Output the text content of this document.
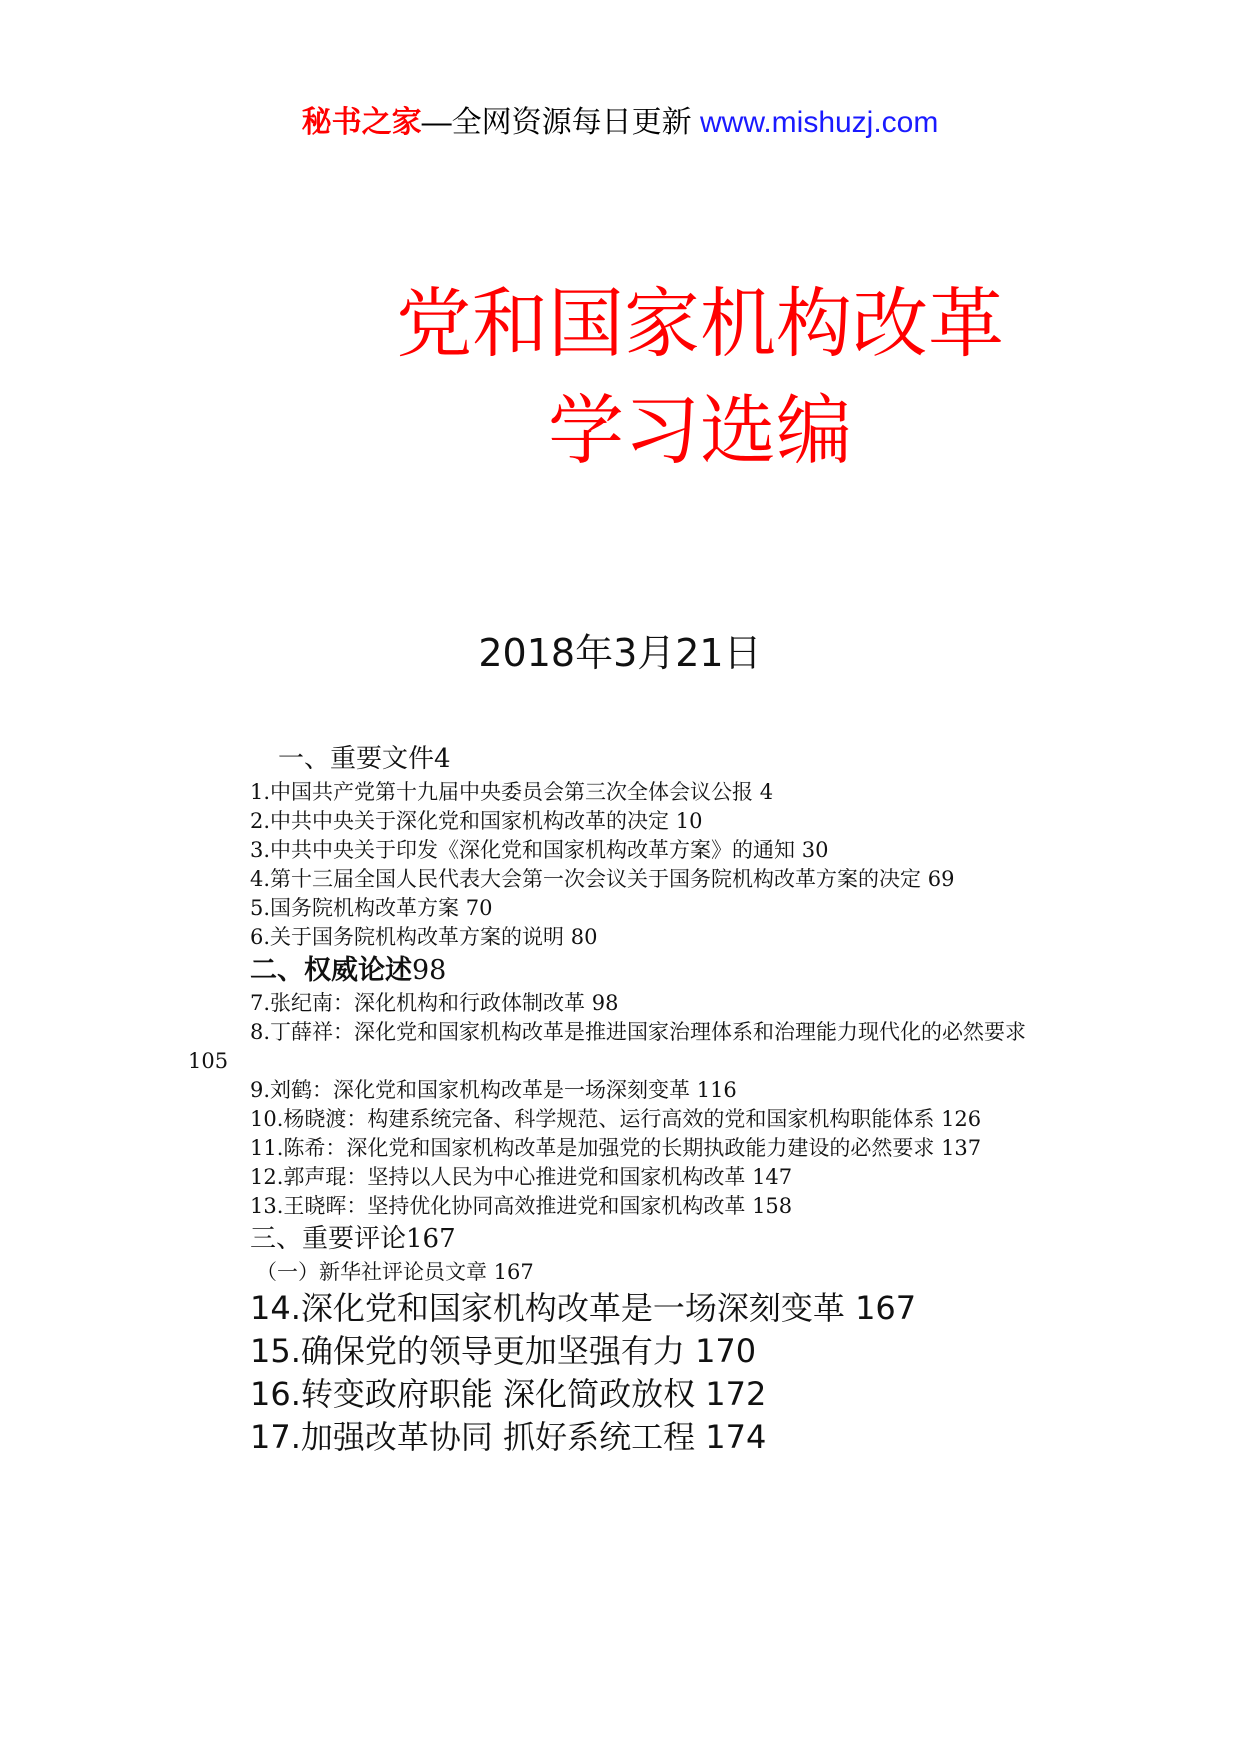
秘书之家—全网资源每日更新 www.mishuzj.com
党和国家机构改革
学习选编
2018年3月21日

一、重要文件4

1.中国共产党第十九届中央委员会第三次全体会议公报 4

2.中共中央关于深化党和国家机构改革的决定 10

3.中共中央关于印发《深化党和国家机构改革方案》的通知 30

4.第十三届全国人民代表大会第一次会议关于国务院机构改革方案的决定 69

5.国务院机构改革方案 70

6.关于国务院机构改革方案的说明 80

二、权威论述98

7.张纪南：深化机构和行政体制改革 98

8.丁薛祥：深化党和国家机构改革是推进国家治理体系和治理能力现代化的必然要求 105

9.刘鹤：深化党和国家机构改革是一场深刻变革 116

10.杨晓渡：构建系统完备、科学规范、运行高效的党和国家机构职能体系 126

11.陈希：深化党和国家机构改革是加强党的长期执政能力建设的必然要求 137

12.郭声琨：坚持以人民为中心推进党和国家机构改革 147

13.王晓晖：坚持优化协同高效推进党和国家机构改革 158

三、重要评论167

（一）新华社评论员文章 167

14.深化党和国家机构改革是一场深刻变革 167

15.确保党的领导更加坚强有力 170

16.转变政府职能 深化简政放权 172

17.加强改革协同 抓好系统工程 174
